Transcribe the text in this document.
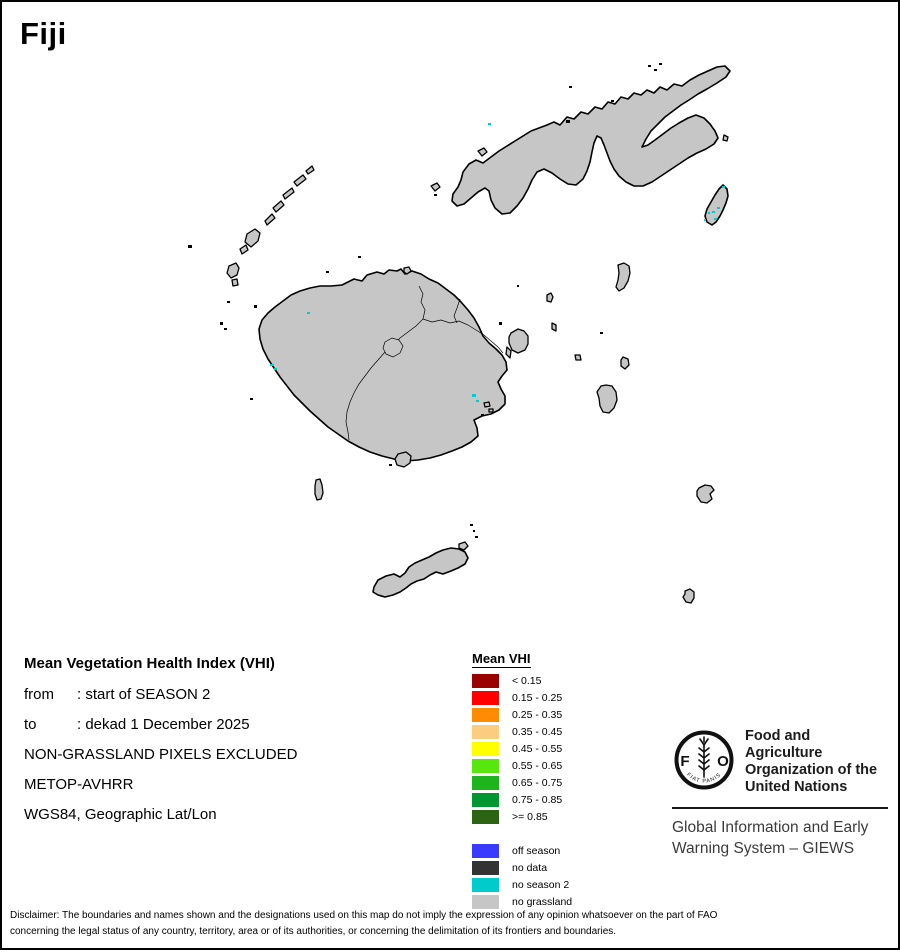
Fiji
Mean Vegetation Health Index (VHI)
from : start of SEASON 2
to	: dekad 1 December 2025
NON-GRASSLAND PIXELS EXCLUDED
METOP-AVHRR
WGS84, Geographic Lat/Lon
Mean VHI
< 0.15
0.15 - 0.25
0.25 - 0.35
0.35 - 0.45
0.45 - 0.55
0.55 - 0.65
0.65 - 0.75
0.75 - 0.85
>= 0.85
off season
no data
no season 2
no grassland
F O
FIAT PANIS
Food and Agriculture Organization of the United Nations
Global Information and Early Warning System – GIEWS
Disclaimer: The boundaries and names shown and the designations used on this map do not imply the expression of any opinion whatsoever on the part of FAO
concerning the legal status of any country, territory, area or of its authorities, or concerning the delimitation of its frontiers and boundaries.
